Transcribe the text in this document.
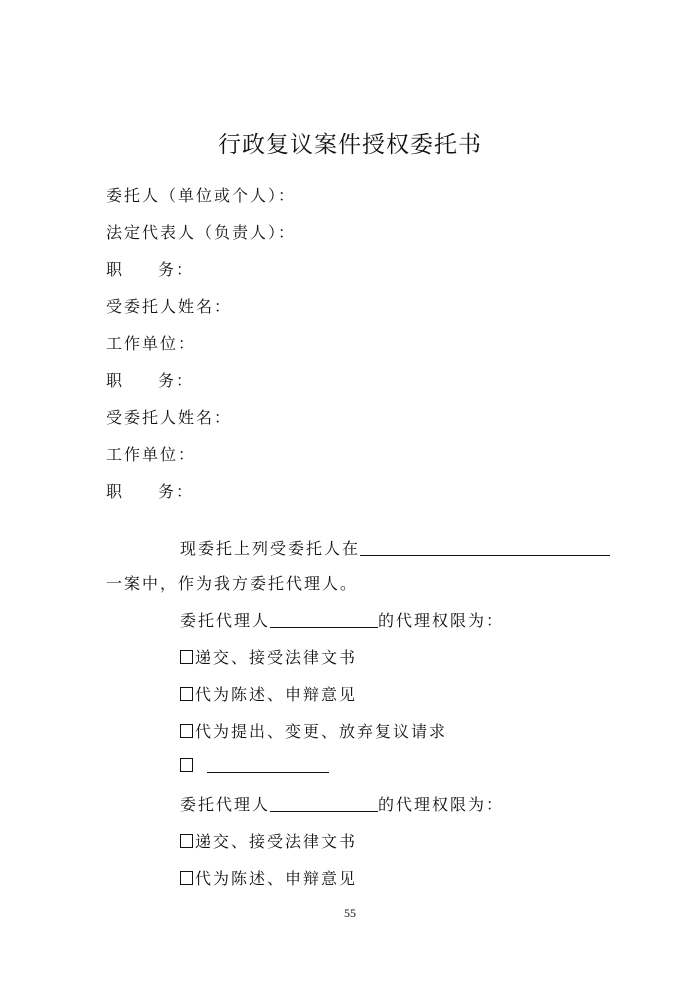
行政复议案件授权委托书
委托人（单位或个人）：
法定代表人（负责人）：
职 务：
受委托人姓名：
工作单位：
职 务：
受委托人姓名：
工作单位：
职 务：
现委托上列受委托人在
一案中，作为我方委托代理人。
委托代理人	的代理权限为：
递交、接受法律文书
代为陈述、申辩意见
代为提出、变更、放弃复议请求
委托代理人	的代理权限为：
递交、接受法律文书
代为陈述、申辩意见
55
